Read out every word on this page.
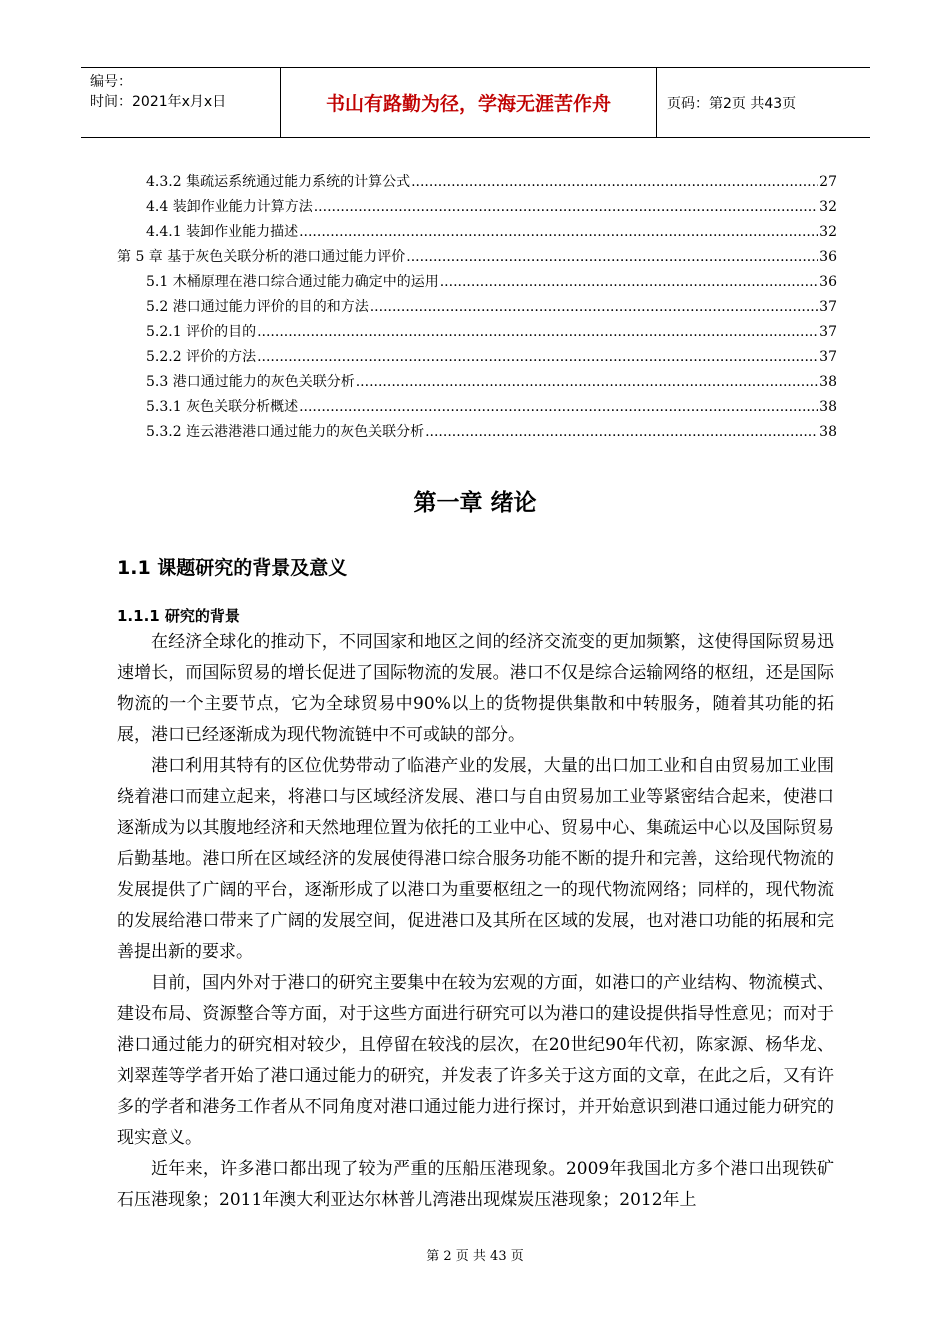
编号：
时间：2021年x月x日	书山有路勤为径，学海无涯苦作舟	页码：第2页 共43页
4.3.2 集疏运系统通过能力系统的计算公式 .....	27
4.4 装卸作业能力计算方法 .....	32
4.4.1 装卸作业能力描述 .....	32
第 5 章 基于灰色关联分析的港口通过能力评价 .....	36
5.1 木桶原理在港口综合通过能力确定中的运用 .....	36
5.2 港口通过能力评价的目的和方法 .....	37
5.2.1 评价的目的 .....	37
5.2.2 评价的方法 .....	37
5.3 港口通过能力的灰色关联分析 .....	38
5.3.1 灰色关联分析概述 .....	38
5.3.2 连云港港港口通过能力的灰色关联分析 .....	38
第一章 绪论
1.1 课题研究的背景及意义
1.1.1 研究的背景

在经济全球化的推动下，不同国家和地区之间的经济交流变的更加频繁，这使得国际贸易迅速增长，而国际贸易的增长促进了国际物流的发展。港口不仅是综合运输网络的枢纽，还是国际物流的一个主要节点，它为全球贸易中90%以上的货物提供集散和中转服务，随着其功能的拓展，港口已经逐渐成为现代物流链中不可或缺的部分。

港口利用其特有的区位优势带动了临港产业的发展，大量的出口加工业和自由贸易加工业围绕着港口而建立起来，将港口与区域经济发展、港口与自由贸易加工业等紧密结合起来，使港口逐渐成为以其腹地经济和天然地理位置为依托的工业中心、贸易中心、集疏运中心以及国际贸易后勤基地。港口所在区域经济的发展使得港口综合服务功能不断的提升和完善，这给现代物流的发展提供了广阔的平台，逐渐形成了以港口为重要枢纽之一的现代物流网络；同样的，现代物流的发展给港口带来了广阔的发展空间，促进港口及其所在区域的发展，也对港口功能的拓展和完善提出新的要求。

目前，国内外对于港口的研究主要集中在较为宏观的方面，如港口的产业结构、物流模式、建设布局、资源整合等方面，对于这些方面进行研究可以为港口的建设提供指导性意见；而对于港口通过能力的研究相对较少，且停留在较浅的层次，在20世纪90年代初，陈家源、杨华龙、刘翠莲等学者开始了港口通过能力的研究，并发表了许多关于这方面的文章，在此之后，又有许多的学者和港务工作者从不同角度对港口通过能力进行探讨，并开始意识到港口通过能力研究的现实意义。

近年来，许多港口都出现了较为严重的压船压港现象。2009年我国北方多个港口出现铁矿石压港现象；2011年澳大利亚达尔林普儿湾港出现煤炭压港现象；2012年上

第 2 页 共 43 页
